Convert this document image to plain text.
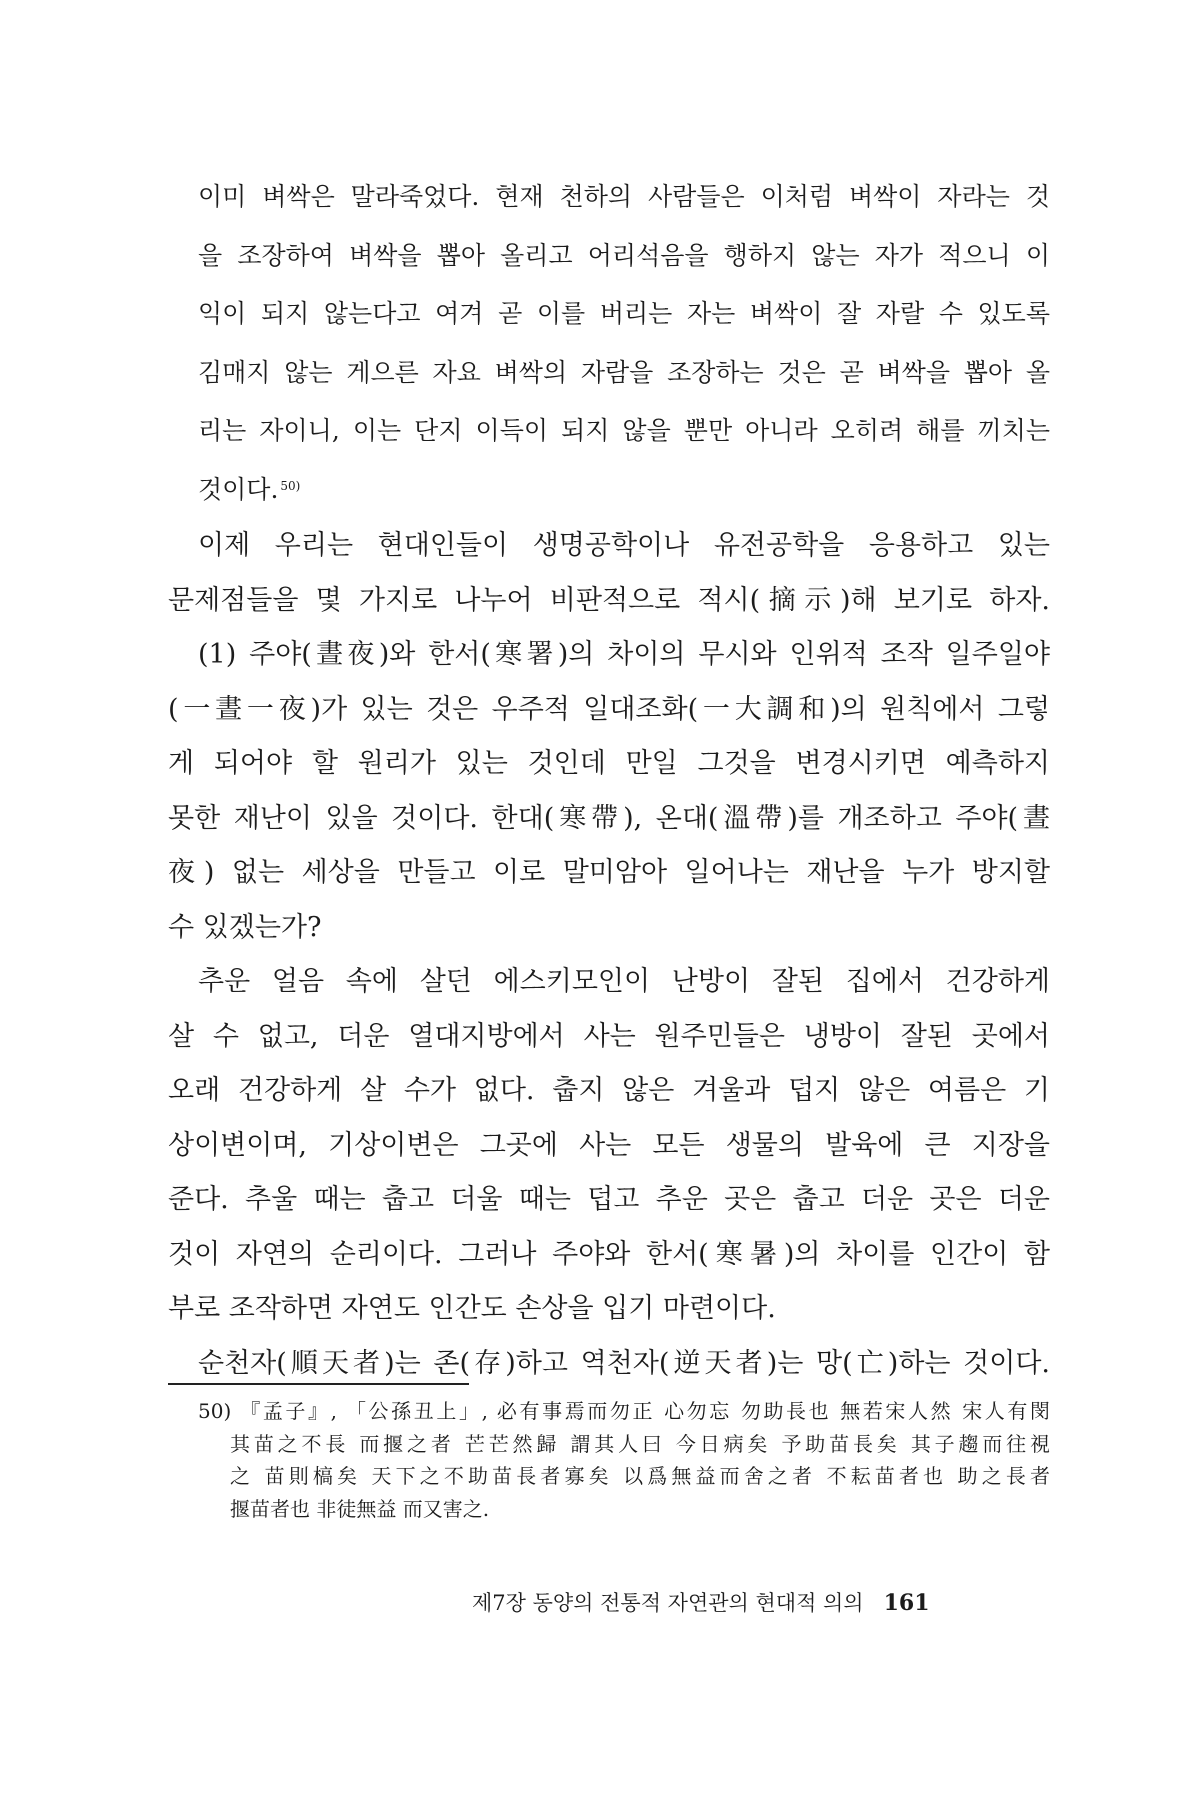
이미 벼싹은 말라죽었다. 현재 천하의 사람들은 이처럼 벼싹이 자라는 것
을 조장하여 벼싹을 뽑아 올리고 어리석음을 행하지 않는 자가 적으니 이
익이 되지 않는다고 여겨 곧 이를 버리는 자는 벼싹이 잘 자랄 수 있도록
김매지 않는 게으른 자요 벼싹의 자람을 조장하는 것은 곧 벼싹을 뽑아 올
리는 자이니, 이는 단지 이득이 되지 않을 뿐만 아니라 오히려 해를 끼치는
것이다. $^{50)}$
이제 우리는 현대인들이 생명공학이나 유전공학을 응용하고 있는
문제점들을 몇 가지로 나누어 비판적으로 적시(摘示)해 보기로 하자.
(1) 주야(晝夜)와 한서(寒署)의 차이의 무시와 인위적 조작 일주일야
(一晝一夜)가 있는 것은 우주적 일대조화(一大調和)의 원칙에서 그렇
게 되어야 할 원리가 있는 것인데 만일 그것을 변경시키면 예측하지
못한 재난이 있을 것이다. 한대(寒帶), 온대(溫帶)를 개조하고 주야(晝
夜) 없는 세상을 만들고 이로 말미암아 일어나는 재난을 누가 방지할
수 있겠는가?
추운 얼음 속에 살던 에스키모인이 난방이 잘된 집에서 건강하게
살 수 없고, 더운 열대지방에서 사는 원주민들은 냉방이 잘된 곳에서
오래 건강하게 살 수가 없다. 춥지 않은 겨울과 덥지 않은 여름은 기
상이변이며, 기상이변은 그곳에 사는 모든 생물의 발육에 큰 지장을
준다. 추울 때는 춥고 더울 때는 덥고 추운 곳은 춥고 더운 곳은 더운
것이 자연의 순리이다. 그러나 주야와 한서(寒暑)의 차이를 인간이 함
부로 조작하면 자연도 인간도 손상을 입기 마련이다.
순천자(順天者)는 존(存)하고 역천자(逆天者)는 망(亡)하는 것이다.
50) 『孟子』, 「公孫丑上」, 必有事焉而勿正 心勿忘 勿助長也 無若宋人然 宋人有閔
其苗之不長 而揠之者 芒芒然歸 謂其人曰 今日病矣 予助苗長矣 其子趨而往視
之 苗則槁矣 天下之不助苗長者寡矣 以爲無益而舍之者 不耘苗者也 助之長者
揠苗者也 非徒無益 而又害之.
제7장 동양의 전통적 자연관의 현대적 의의 161
